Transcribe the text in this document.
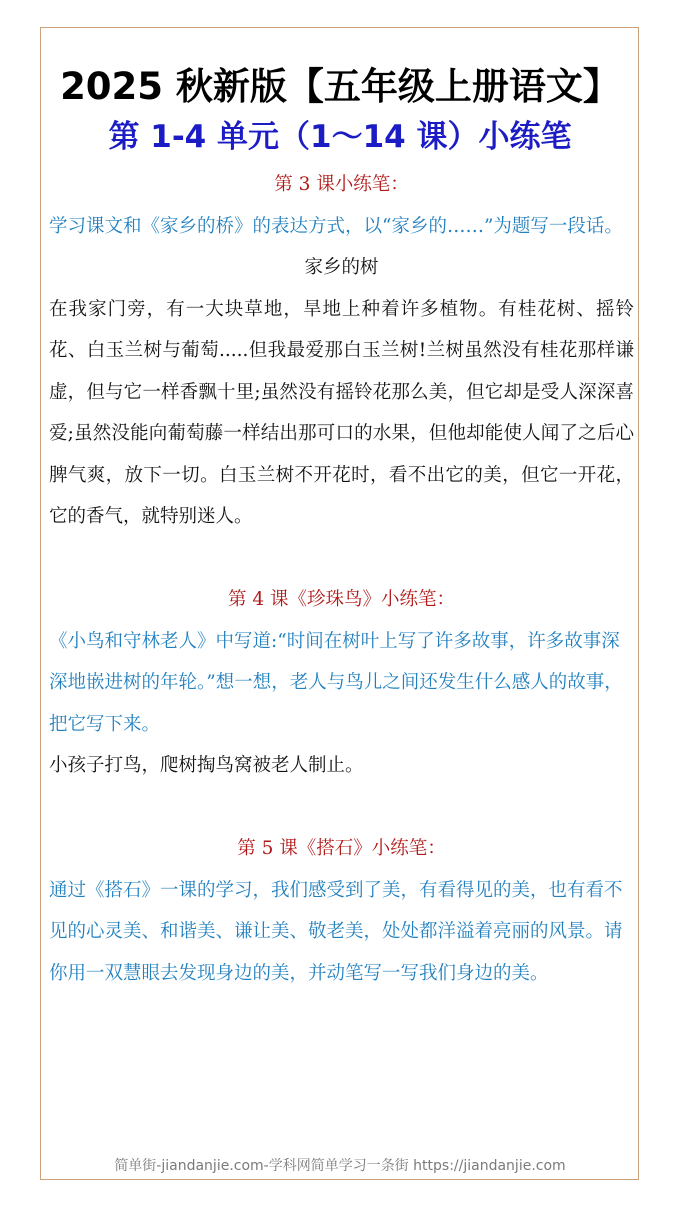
2025 秋新版【五年级上册语文】
第 1-4 单元（1～14 课）小练笔

第 3 课小练笔：

学习课文和《家乡的桥》的表达方式，以“家乡的……”为题写一段话。

家乡的树

在我家门旁，有一大块草地，旱地上种着许多植物。有桂花树、摇铃花、白玉兰树与葡萄.....但我最爱那白玉兰树!兰树虽然没有桂花那样谦虚，但与它一样香飘十里;虽然没有摇铃花那么美，但它却是受人深深喜爱;虽然没能向葡萄藤一样结出那可口的水果，但他却能使人闻了之后心脾气爽，放下一切。白玉兰树不开花时，看不出它的美，但它一开花，它的香气，就特别迷人。

第 4 课《珍珠鸟》小练笔：

《小鸟和守林老人》中写道:“时间在树叶上写了许多故事，许多故事深深地嵌进树的年轮。”想一想，老人与鸟儿之间还发生什么感人的故事，把它写下来。

小孩子打鸟，爬树掏鸟窝被老人制止。

第 5 课《搭石》小练笔：

通过《搭石》一课的学习，我们感受到了美，有看得见的美，也有看不见的心灵美、和谐美、谦让美、敬老美，处处都洋溢着亮丽的风景。请你用一双慧眼去发现身边的美，并动笔写一写我们身边的美。

简单街-jiandanjie.com-学科网简单学习一条街 https://jiandanjie.com
